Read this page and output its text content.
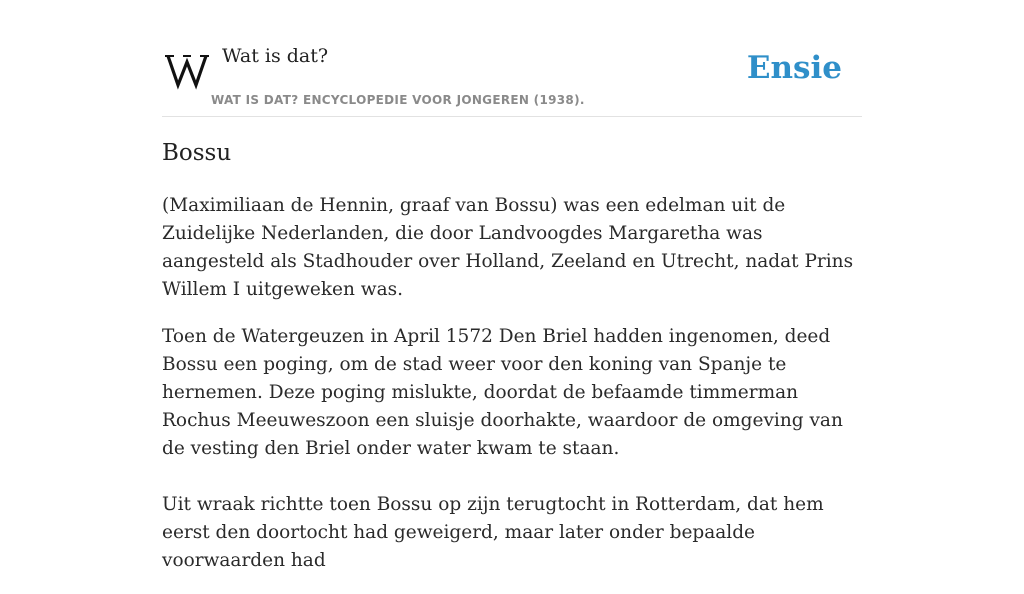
Wat is dat?
WAT IS DAT? ENCYCLOPEDIE VOOR JONGEREN (1938).
Ensie
Bossu

(Maximiliaan de Hennin, graaf van Bossu) was een edelman uit de Zuidelijke Nederlanden, die door Landvoogdes Margaretha was aangesteld als Stadhouder over Holland, Zeeland en Utrecht, nadat Prins Willem I uitgeweken was.

Toen de Watergeuzen in April 1572 Den Briel hadden ingenomen, deed Bossu een poging, om de stad weer voor den koning van Spanje te hernemen. Deze poging mislukte, doordat de befaamde timmerman Rochus Meeuweszoon een sluisje doorhakte, waardoor de omgeving van de vesting den Briel onder water kwam te staan.

Uit wraak richtte toen Bossu op zijn terugtocht in Rotterdam, dat hem eerst den doortocht had geweigerd, maar later onder bepaalde voorwaarden had
